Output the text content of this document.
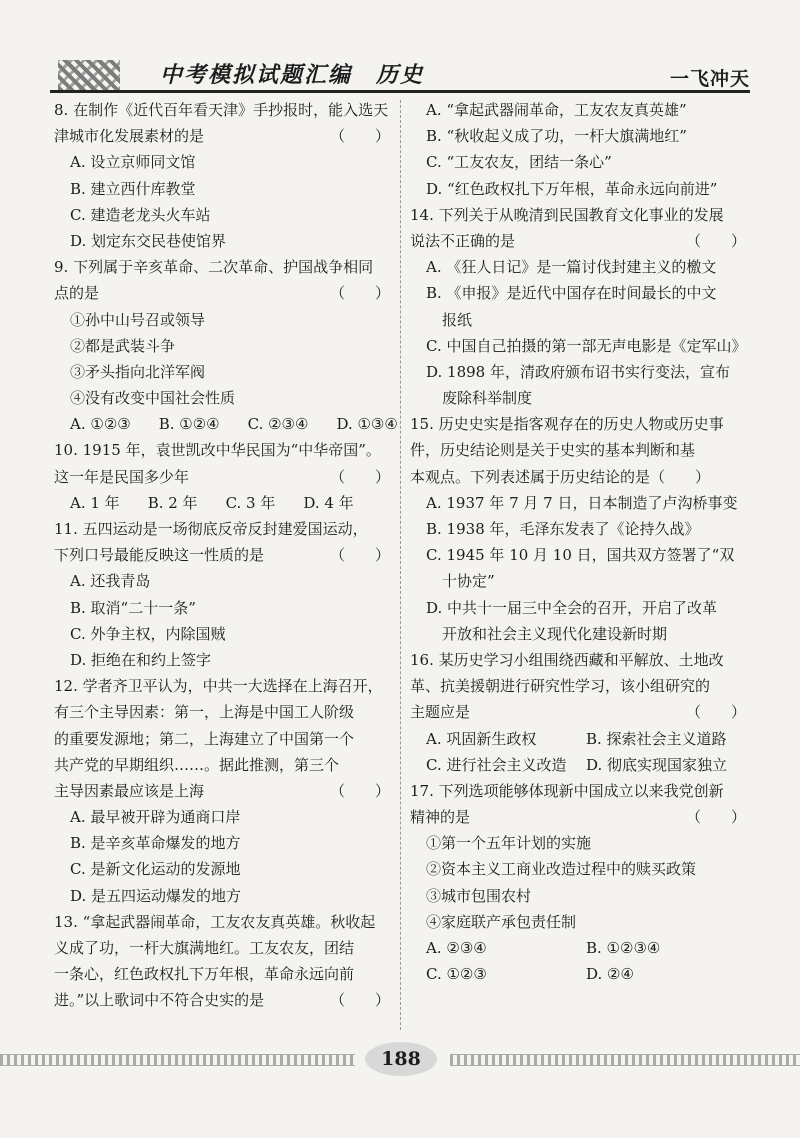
中考模拟试题汇编　历史	一飞冲天
8. 在制作《近代百年看天津》手抄报时，能入选天
津城市化发展素材的是	（　　）
A. 设立京师同文馆
B. 建立西什库教堂
C. 建造老龙头火车站
D. 划定东交民巷使馆界
9. 下列属于辛亥革命、二次革命、护国战争相同
点的是	（　　）
①孙中山号召或领导
②都是武装斗争
③矛头指向北洋军阀
④没有改变中国社会性质
A. ①②③ B. ①②④ C. ②③④ D. ①③④
10. 1915 年，袁世凯改中华民国为“中华帝国”。
这一年是民国多少年	（　　）
A. 1 年 B. 2 年 C. 3 年 D. 4 年
11. 五四运动是一场彻底反帝反封建爱国运动，
下列口号最能反映这一性质的是	（　　）
A. 还我青岛
B. 取消“二十一条”
C. 外争主权，内除国贼
D. 拒绝在和约上签字
12. 学者齐卫平认为，中共一大选择在上海召开，
有三个主导因素：第一，上海是中国工人阶级
的重要发源地；第二，上海建立了中国第一个
共产党的早期组织……。据此推测，第三个
主导因素最应该是上海	（　　）
A. 最早被开辟为通商口岸
B. 是辛亥革命爆发的地方
C. 是新文化运动的发源地
D. 是五四运动爆发的地方
13. “拿起武器闹革命，工友农友真英雄。秋收起
义成了功，一杆大旗满地红。工友农友，团结
一条心，红色政权扎下万年根，革命永远向前
进。”以上歌词中不符合史实的是	（　　）
A. “拿起武器闹革命，工友农友真英雄”
B. “秋收起义成了功，一杆大旗满地红”
C. “工友农友，团结一条心”
D. “红色政权扎下万年根，革命永远向前进”
14. 下列关于从晚清到民国教育文化事业的发展
说法不正确的是	（　　）
A. 《狂人日记》是一篇讨伐封建主义的檄文
B. 《申报》是近代中国存在时间最长的中文
报纸
C. 中国自己拍摄的第一部无声电影是《定军山》
D. 1898 年，清政府颁布诏书实行变法，宣布
废除科举制度
15. 历史史实是指客观存在的历史人物或历史事
件，历史结论则是关于史实的基本判断和基
本观点。下列表述属于历史结论的是（　　）
A. 1937 年 7 月 7 日，日本制造了卢沟桥事变
B. 1938 年，毛泽东发表了《论持久战》
C. 1945 年 10 月 10 日，国共双方签署了“双
十协定”
D. 中共十一届三中全会的召开，开启了改革
开放和社会主义现代化建设新时期
16. 某历史学习小组围绕西藏和平解放、土地改
革、抗美援朝进行研究性学习，该小组研究的
主题应是	（　　）
A. 巩固新生政权	B. 探索社会主义道路
C. 进行社会主义改造	D. 彻底实现国家独立
17. 下列选项能够体现新中国成立以来我党创新
精神的是	（　　）
①第一个五年计划的实施
②资本主义工商业改造过程中的赎买政策
③城市包围农村
④家庭联产承包责任制
A. ②③④	B. ①②③④
C. ①②③	D. ②④
188
